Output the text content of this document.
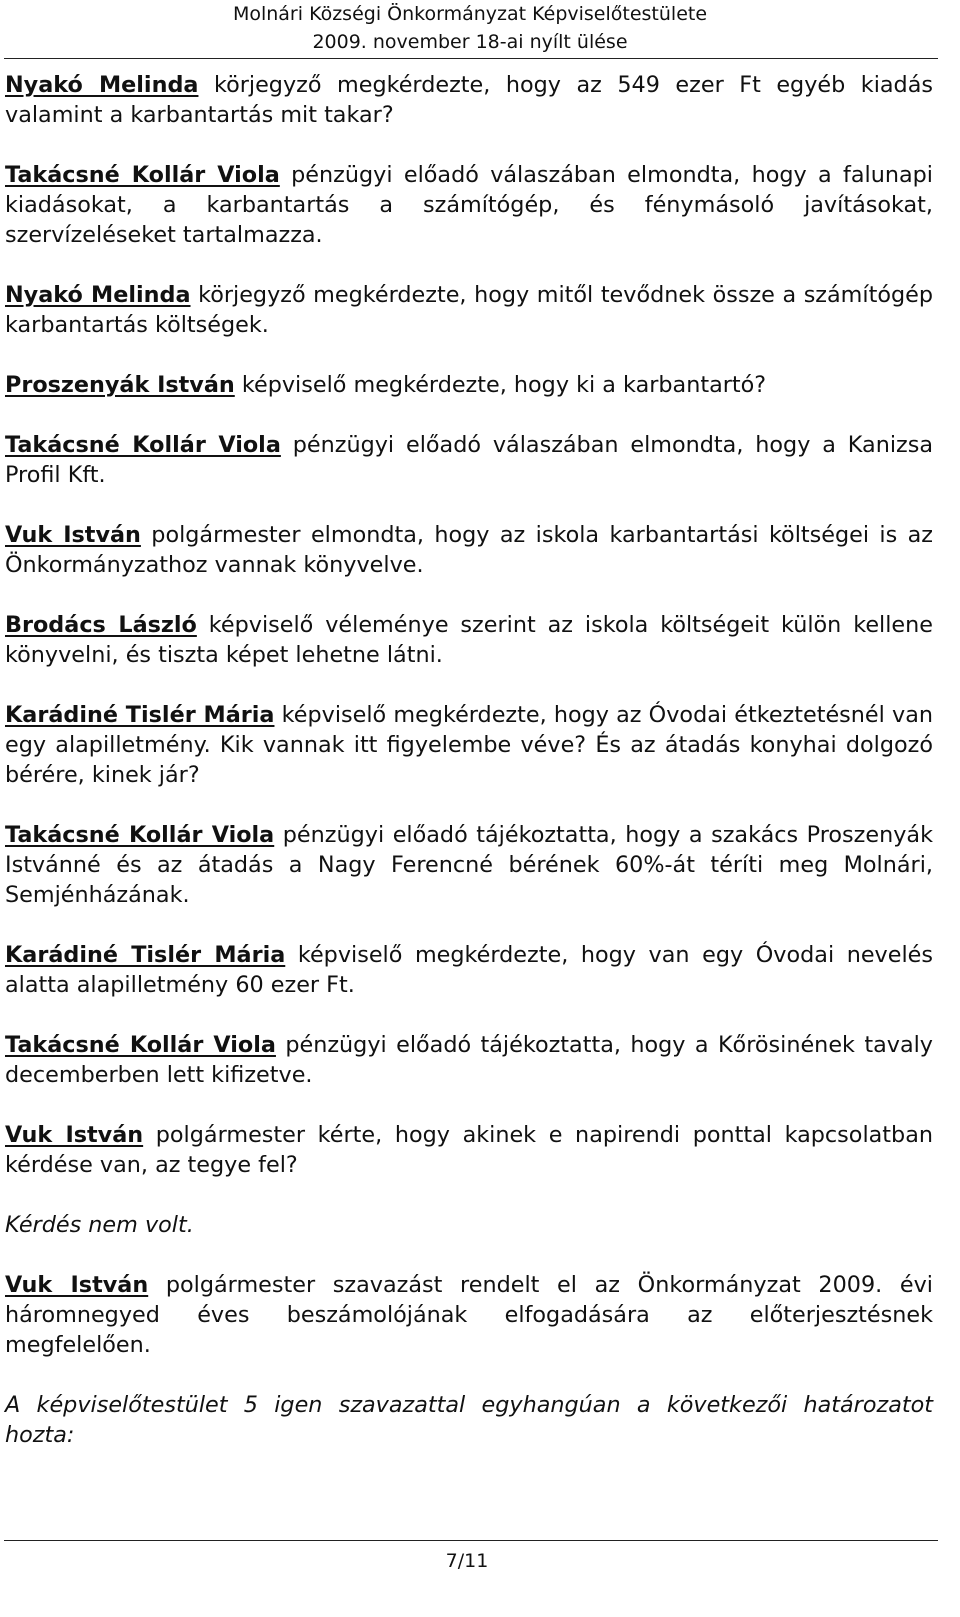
Molnári Községi Önkormányzat Képviselőtestülete
2009. november 18-ai nyílt ülése

Nyakó Melinda körjegyző megkérdezte, hogy az 549 ezer Ft egyéb kiadás valamint a karbantartás mit takar?

Takácsné Kollár Viola pénzügyi előadó válaszában elmondta, hogy a falunapi kiadásokat, a karbantartás a számítógép, és fénymásoló javításokat, szervízeléseket tartalmazza.

Nyakó Melinda körjegyző megkérdezte, hogy mitől tevődnek össze a számítógép karbantartás költségek.

Proszenyák István képviselő megkérdezte, hogy ki a karbantartó?

Takácsné Kollár Viola pénzügyi előadó válaszában elmondta, hogy a Kanizsa Profil Kft.

Vuk István polgármester elmondta, hogy az iskola karbantartási költségei is az Önkormányzathoz vannak könyvelve.

Brodács László képviselő véleménye szerint az iskola költségeit külön kellene könyvelni, és tiszta képet lehetne látni.

Karádiné Tislér Mária képviselő megkérdezte, hogy az Óvodai étkeztetésnél van egy alapilletmény. Kik vannak itt figyelembe véve? És az átadás konyhai dolgozó bérére, kinek jár?

Takácsné Kollár Viola pénzügyi előadó tájékoztatta, hogy a szakács Proszenyák Istvánné és az átadás a Nagy Ferencné bérének 60%-át téríti meg Molnári, Semjénházának.

Karádiné Tislér Mária képviselő megkérdezte, hogy van egy Óvodai nevelés alatta alapilletmény 60 ezer Ft.

Takácsné Kollár Viola pénzügyi előadó tájékoztatta, hogy a Kőrösinének tavaly decemberben lett kifizetve.

Vuk István polgármester kérte, hogy akinek e napirendi ponttal kapcsolatban kérdése van, az tegye fel?

Kérdés nem volt.

Vuk István polgármester szavazást rendelt el az Önkormányzat 2009. évi háromnegyed éves beszámolójának elfogadására az előterjesztésnek megfelelően.

A képviselőtestület 5 igen szavazattal egyhangúan a következői határozatot hozta:

7/11
